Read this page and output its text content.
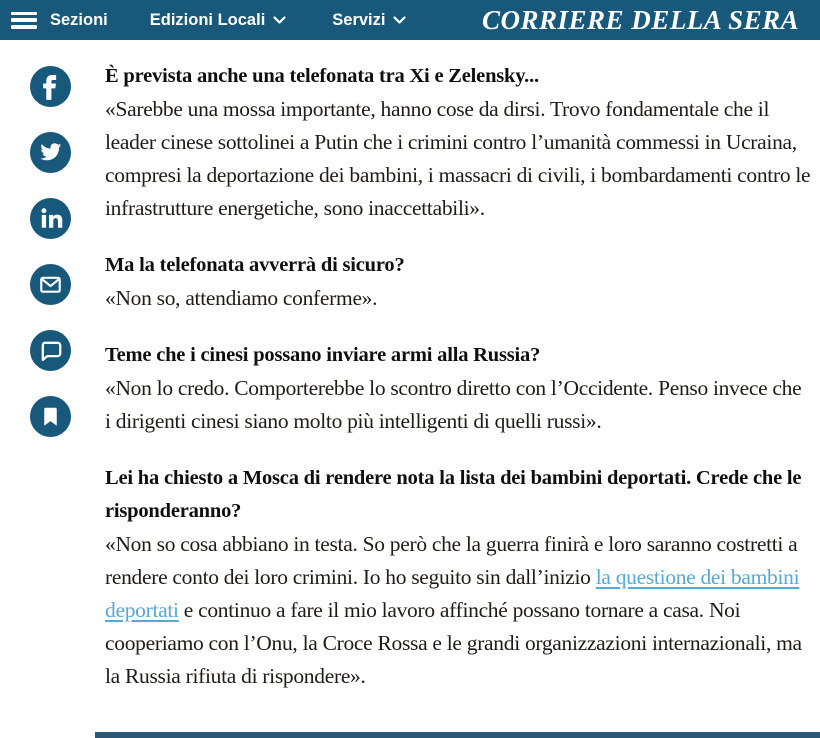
Sezioni	Edizioni Locali	Servizi	CORRIERE DELLA SERA
È prevista anche una telefonata tra Xi e Zelensky...

«Sarebbe una mossa importante, hanno cose da dirsi. Trovo fondamentale che il leader cinese sottolinei a Putin che i crimini contro l’umanità commessi in Ucraina, compresi la deportazione dei bambini, i massacri di civili, i bombardamenti contro le infrastrutture energetiche, sono inaccettabili».

Ma la telefonata avverrà di sicuro?

«Non so, attendiamo conferme».

Teme che i cinesi possano inviare armi alla Russia?

«Non lo credo. Comporterebbe lo scontro diretto con l’Occidente. Penso invece che i dirigenti cinesi siano molto più intelligenti di quelli russi».

Lei ha chiesto a Mosca di rendere nota la lista dei bambini deportati. Crede che le risponderanno?

«Non so cosa abbiano in testa. So però che la guerra finirà e loro saranno costretti a rendere conto dei loro crimini. Io ho seguito sin dall’inizio la questione dei bambini deportati e continuo a fare il mio lavoro affinché possano tornare a casa. Noi cooperiamo con l’Onu, la Croce Rossa e le grandi organizzazioni internazionali, ma la Russia rifiuta di rispondere».
